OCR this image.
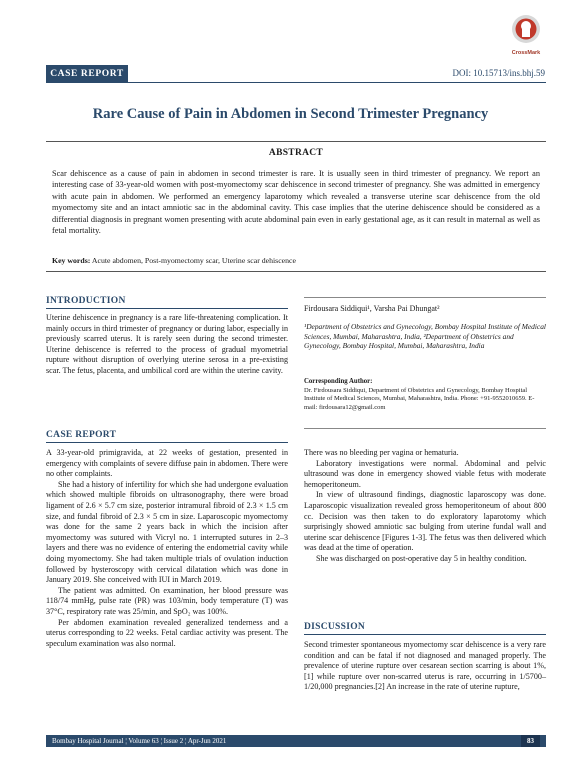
CASE REPORT	DOI: 10.15713/ins.bhj.59
CrossMark
Rare Cause of Pain in Abdomen in Second Trimester Pregnancy
ABSTRACT
Scar dehiscence as a cause of pain in abdomen in second trimester is rare. It is usually seen in third trimester of pregnancy. We report an interesting case of 33-year-old women with post-myomectomy scar dehiscence in second trimester of pregnancy. She was admitted in emergency with acute pain in abdomen. We performed an emergency laparotomy which revealed a transverse uterine scar dehiscence from the old myomectomy site and an intact amniotic sac in the abdominal cavity. This case implies that the uterine dehiscence should be considered as a differential diagnosis in pregnant women presenting with acute abdominal pain even in early gestational age, as it can result in maternal as well as fetal mortality.
Key words: Acute abdomen, Post-myomectomy scar, Uterine scar dehiscence
INTRODUCTION
Uterine dehiscence in pregnancy is a rare life-threatening complication. It mainly occurs in third trimester of pregnancy or during labor, especially in previously scarred uterus. It is rarely seen during the second trimester. Uterine dehiscence is referred to the process of gradual myometrial rupture without disruption of overlying uterine serosa in a pre-existing scar. The fetus, placenta, and umbilical cord are within the uterine cavity.
Firdousara Siddiqui¹, Varsha Pai Dhungat²
¹Department of Obstetrics and Gynecology, Bombay Hospital Institute of Medical Sciences, Mumbai, Maharashtra, India, ²Department of Obstetrics and Gynecology, Bombay Hospital, Mumbai, Maharashtra, India
Corresponding Author:
Dr. Firdousara Siddiqui, Department of Obstetrics and Gynecology, Bombay Hospital Institute of Medical Sciences, Mumbai, Maharashtra, India. Phone: +91-9552010659. E-mail: firdousara12@gmail.com
CASE REPORT

A 33-year-old primigravida, at 22 weeks of gestation, presented in emergency with complaints of severe diffuse pain in abdomen. There were no other complaints.

She had a history of infertility for which she had undergone evaluation which showed multiple fibroids on ultrasonography, there were broad ligament of 2.6 × 5.7 cm size, posterior intramural fibroid of 2.3 × 1.5 cm size, and fundal fibroid of 2.3 × 5 cm in size. Laparoscopic myomectomy was done for the same 2 years back in which the incision after myomectomy was sutured with Vicryl no. 1 interrupted sutures in 2–3 layers and there was no evidence of entering the endometrial cavity while doing myomectomy. She had taken multiple trials of ovulation induction followed by hysteroscopy with cervical dilatation which was done in January 2019. She conceived with IUI in March 2019.

The patient was admitted. On examination, her blood pressure was 118/74 mmHg, pulse rate (PR) was 103/min, body temperature (T) was 37°C, respiratory rate was 25/min, and SpO₂ was 100%.

Per abdomen examination revealed generalized tenderness and a uterus corresponding to 22 weeks. Fetal cardiac activity was present. The speculum examination was also normal.

There was no bleeding per vagina or hematuria.

Laboratory investigations were normal. Abdominal and pelvic ultrasound was done in emergency showed viable fetus with moderate hemoperitoneum.

In view of ultrasound findings, diagnostic laparoscopy was done. Laparoscopic visualization revealed gross hemoperitoneum of about 800 cc. Decision was then taken to do exploratory laparotomy which surprisingly showed amniotic sac bulging from uterine fundal wall and uterine scar dehiscence [Figures 1-3]. The fetus was then delivered which was dead at the time of operation.

She was discharged on post-operative day 5 in healthy condition.

DISCUSSION
Second trimester spontaneous myomectomy scar dehiscence is a very rare condition and can be fatal if not diagnosed and managed properly. The prevalence of uterine rupture over cesarean section scarring is about 1%,[1] while rupture over non-scarred uterus is rare, occurring in 1/5700–1/20,000 pregnancies.[2] An increase in the rate of uterine rupture,
Bombay Hospital Journal ¦ Volume 63 ¦ Issue 2 ¦ Apr-Jun 2021	83
